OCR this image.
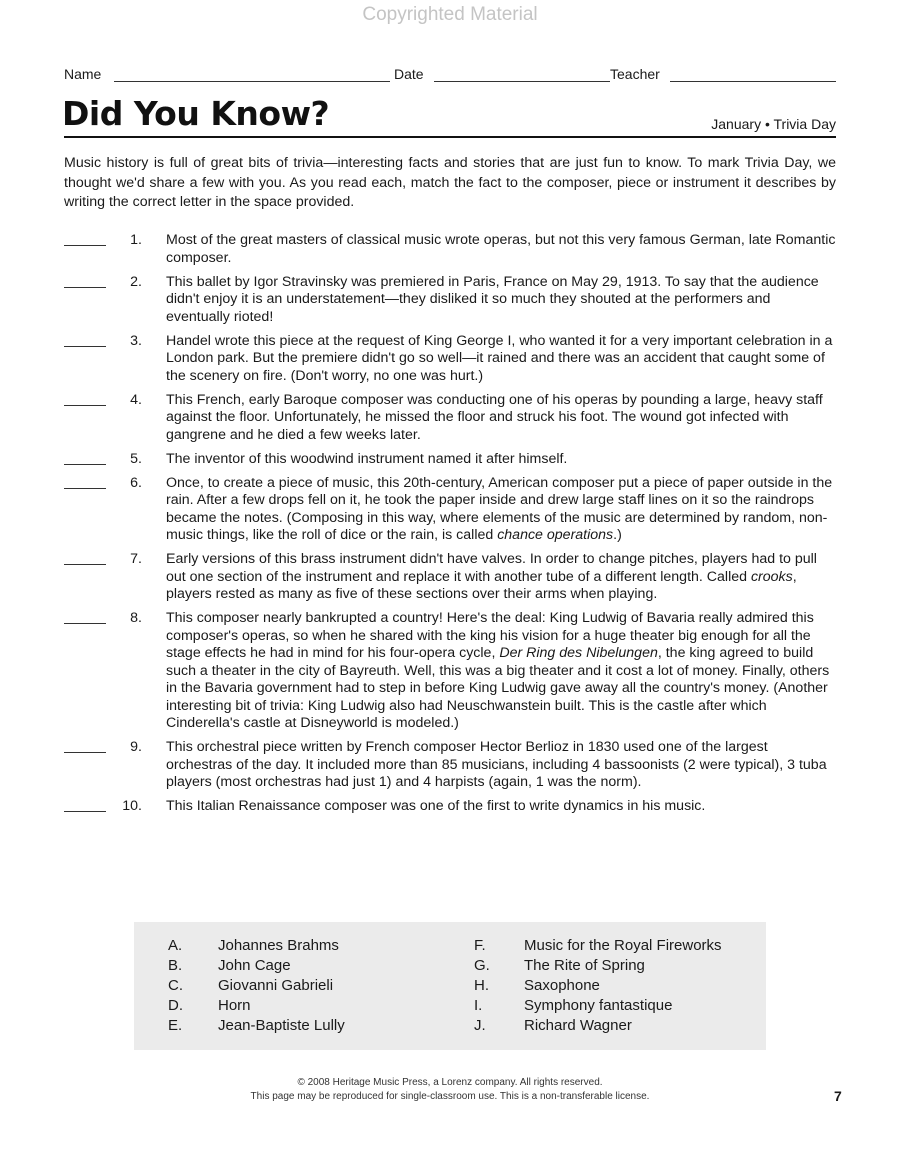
Copyrighted Material
Name	Date	Teacher
Did You Know?	January • Trivia Day
Music history is full of great bits of trivia—interesting facts and stories that are just fun to know. To mark Trivia Day, we thought we'd share a few with you. As you read each, match the fact to the composer, piece or instrument it describes by writing the correct letter in the space provided.
1. Most of the great masters of classical music wrote operas, but not this very famous German, late Romantic composer.
2. This ballet by Igor Stravinsky was premiered in Paris, France on May 29, 1913. To say that the audience didn't enjoy it is an understatement—they disliked it so much they shouted at the performers and eventually rioted!
3. Handel wrote this piece at the request of King George I, who wanted it for a very important celebration in a London park. But the premiere didn't go so well—it rained and there was an accident that caught some of the scenery on fire. (Don't worry, no one was hurt.)
4. This French, early Baroque composer was conducting one of his operas by pounding a large, heavy staff against the floor. Unfortunately, he missed the floor and struck his foot. The wound got infected with gangrene and he died a few weeks later.
5. The inventor of this woodwind instrument named it after himself.
6. Once, to create a piece of music, this 20th-century, American composer put a piece of paper outside in the rain. After a few drops fell on it, he took the paper inside and drew large staff lines on it so the raindrops became the notes. (Composing in this way, where elements of the music are determined by random, non-music things, like the roll of dice or the rain, is called chance operations.)
7. Early versions of this brass instrument didn't have valves. In order to change pitches, players had to pull out one section of the instrument and replace it with another tube of a different length. Called crooks, players rested as many as five of these sections over their arms when playing.
8. This composer nearly bankrupted a country! Here's the deal: King Ludwig of Bavaria really admired this composer's operas, so when he shared with the king his vision for a huge theater big enough for all the stage effects he had in mind for his four-opera cycle, Der Ring des Nibelungen, the king agreed to build such a theater in the city of Bayreuth. Well, this was a big theater and it cost a lot of money. Finally, others in the Bavaria government had to step in before King Ludwig gave away all the country's money. (Another interesting bit of trivia: King Ludwig also had Neuschwanstein built. This is the castle after which Cinderella's castle at Disneyworld is modeled.)
9. This orchestral piece written by French composer Hector Berlioz in 1830 used one of the largest orchestras of the day. It included more than 85 musicians, including 4 bassoonists (2 were typical), 3 tuba players (most orchestras had just 1) and 4 harpists (again, 1 was the norm).
10. This Italian Renaissance composer was one of the first to write dynamics in his music.
A.	Johannes Brahms
B.	John Cage
C.	Giovanni Gabrieli
D.	Horn
E.	Jean-Baptiste Lully
F.	Music for the Royal Fireworks
G.	The Rite of Spring
H.	Saxophone
I.	Symphony fantastique
J.	Richard Wagner
© 2008 Heritage Music Press, a Lorenz company. All rights reserved.
This page may be reproduced for single-classroom use. This is a non-transferable license.	7
